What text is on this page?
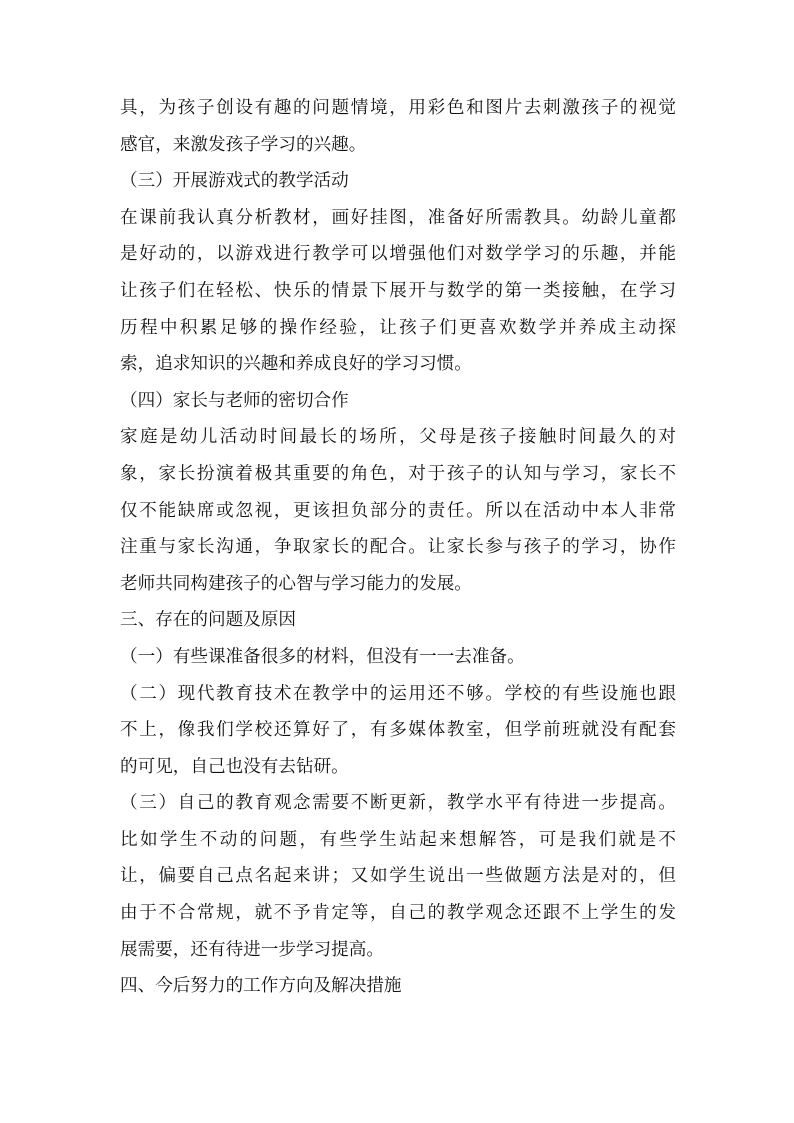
具，为孩子创设有趣的问题情境，用彩色和图片去刺激孩子的视觉
感官，来激发孩子学习的兴趣。
（三）开展游戏式的教学活动
在课前我认真分析教材，画好挂图，准备好所需教具。幼龄儿童都
是好动的，以游戏进行教学可以增强他们对数学学习的乐趣，并能
让孩子们在轻松、快乐的情景下展开与数学的第一类接触，在学习
历程中积累足够的操作经验，让孩子们更喜欢数学并养成主动探
索，追求知识的兴趣和养成良好的学习习惯。
（四）家长与老师的密切合作
家庭是幼儿活动时间最长的场所，父母是孩子接触时间最久的对
象，家长扮演着极其重要的角色，对于孩子的认知与学习，家长不
仅不能缺席或忽视，更该担负部分的责任。所以在活动中本人非常
注重与家长沟通，争取家长的配合。让家长参与孩子的学习，协作
老师共同构建孩子的心智与学习能力的发展。
三、存在的问题及原因
（一）有些课准备很多的材料，但没有一一去准备。
（二）现代教育技术在教学中的运用还不够。学校的有些设施也跟
不上，像我们学校还算好了，有多媒体教室，但学前班就没有配套
的可见，自己也没有去钻研。
（三）自己的教育观念需要不断更新，教学水平有待进一步提高。
比如学生不动的问题，有些学生站起来想解答，可是我们就是不
让，偏要自己点名起来讲；又如学生说出一些做题方法是对的，但
由于不合常规，就不予肯定等，自己的教学观念还跟不上学生的发
展需要，还有待进一步学习提高。
四、今后努力的工作方向及解决措施
